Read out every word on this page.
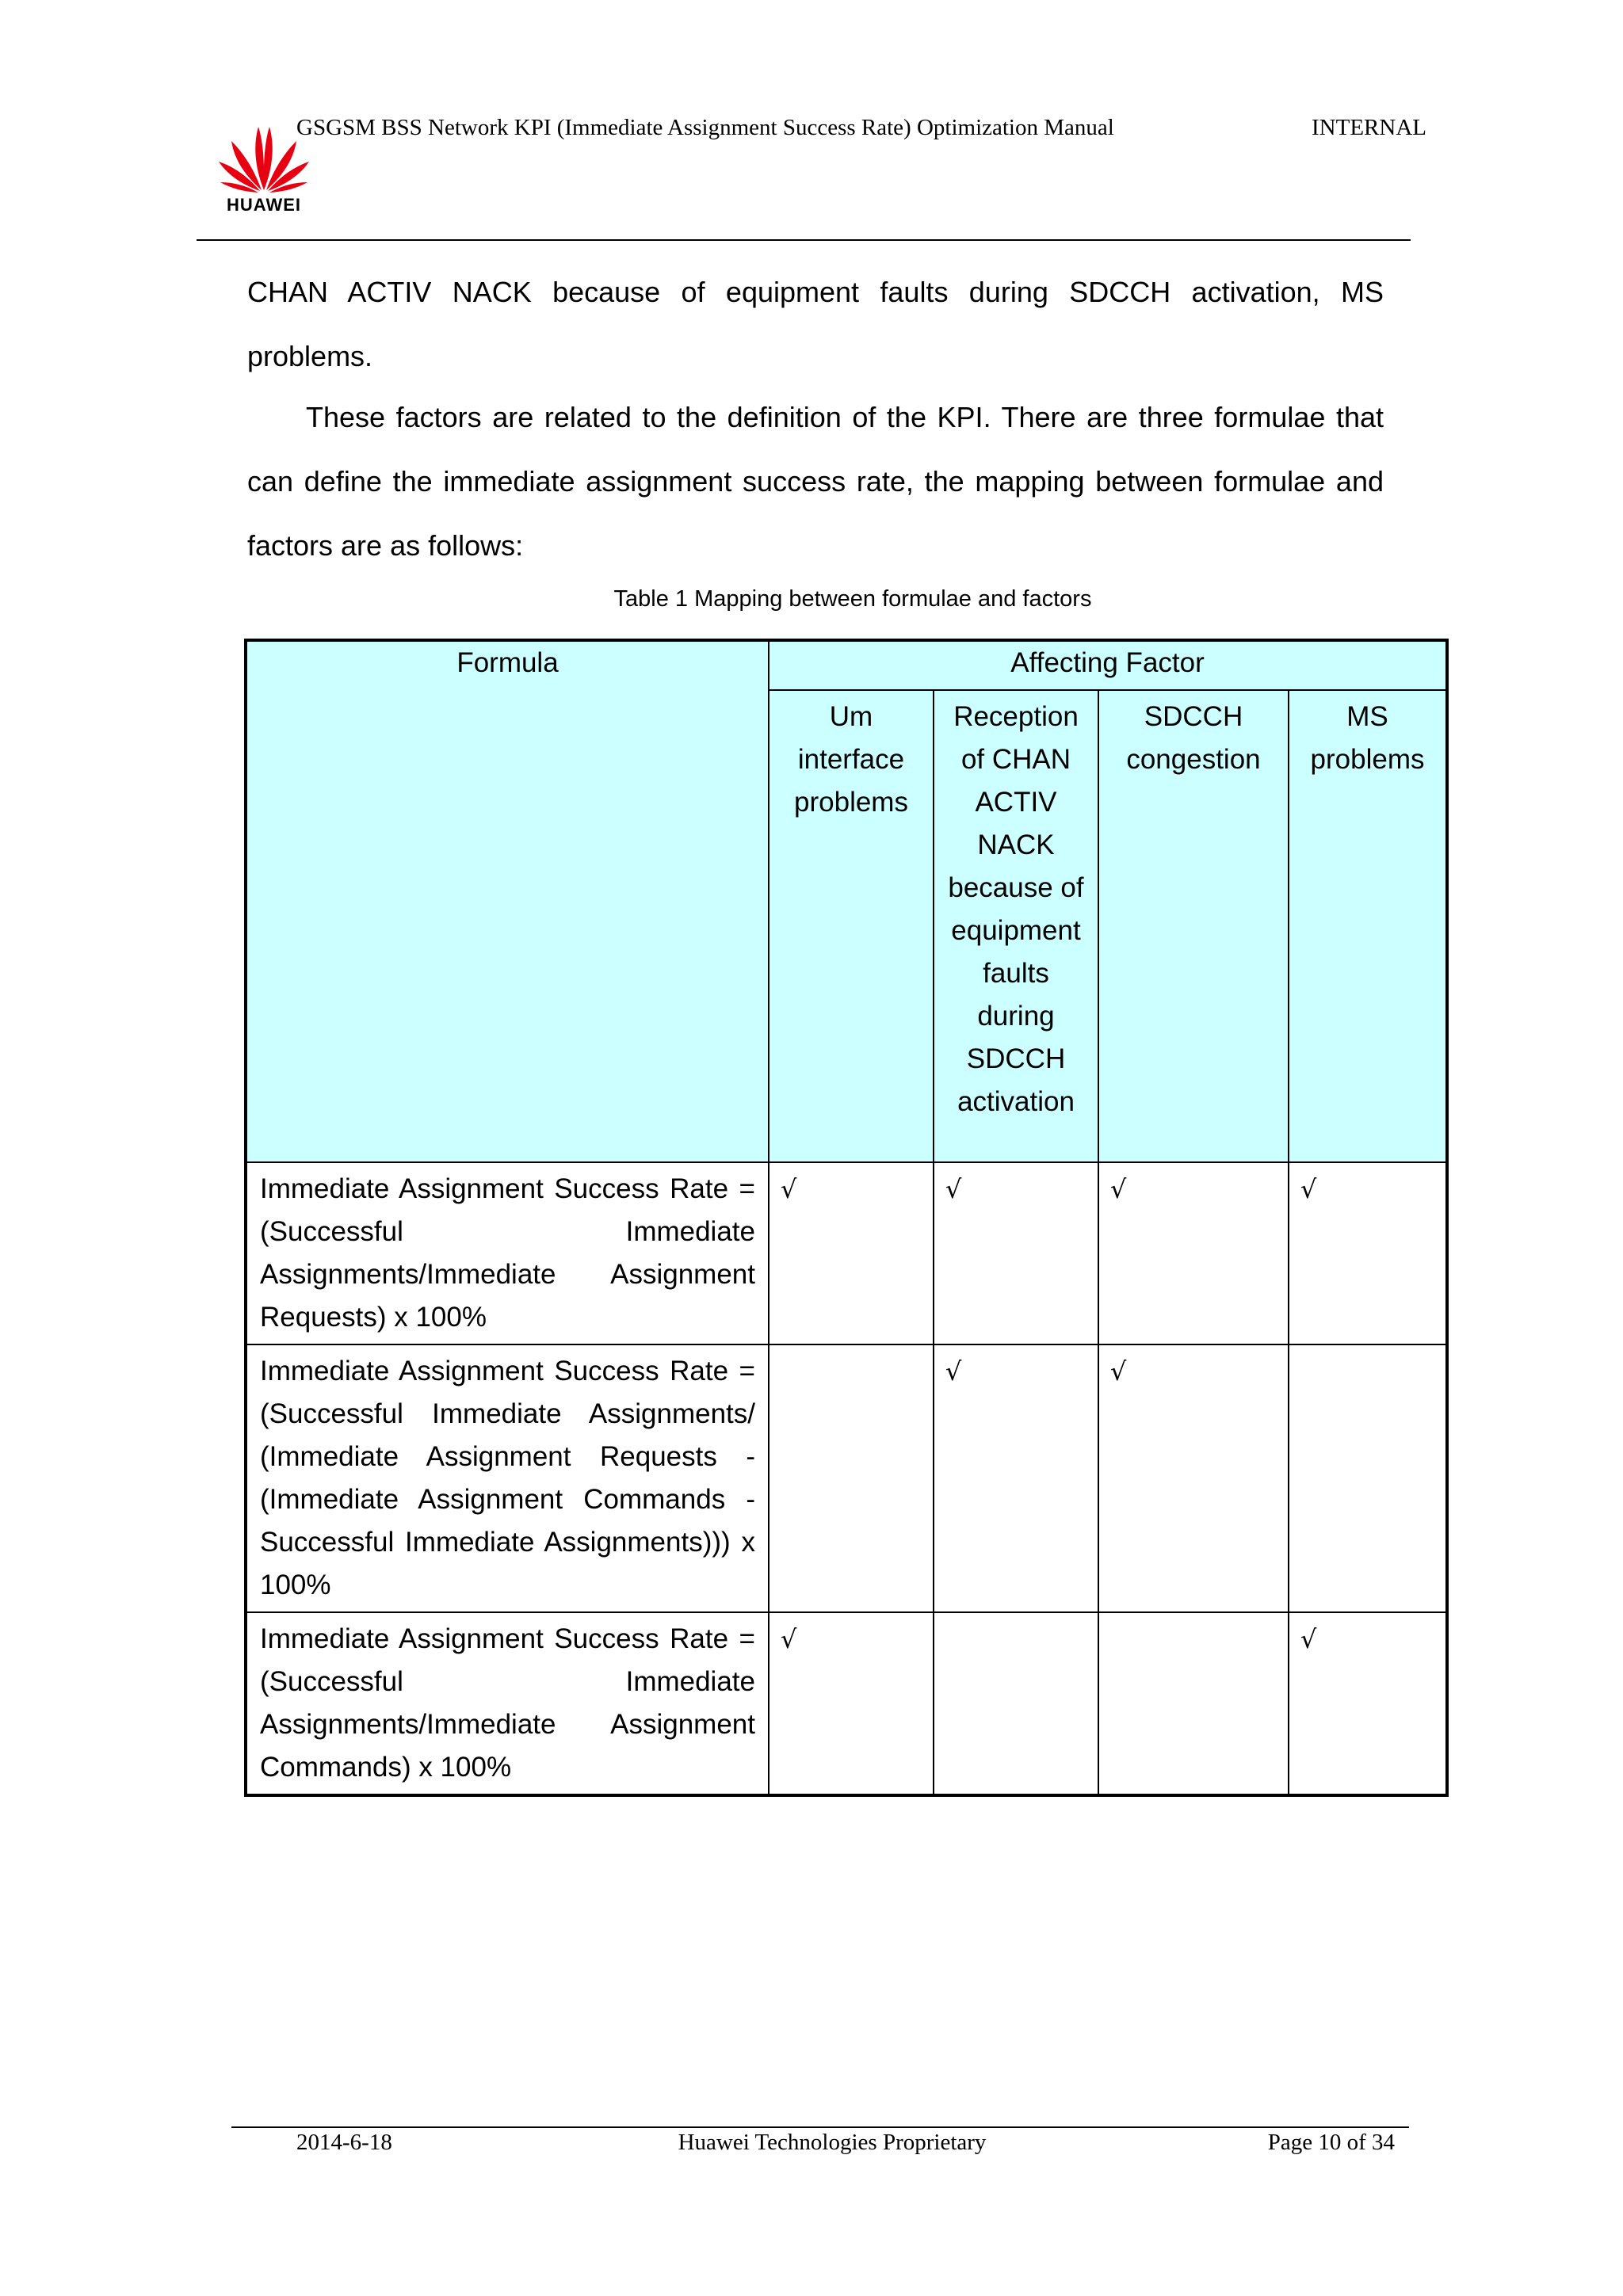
HUAWEI
GSGSM BSS Network KPI (Immediate Assignment Success Rate) Optimization Manual	INTERNAL
CHAN ACTIV NACK because of equipment faults during SDCCH activation, MS problems.
These factors are related to the definition of the KPI. There are three formulae that can define the immediate assignment success rate, the mapping between formulae and factors are as follows:
Table 1 Mapping between formulae and factors
Formula	Affecting Factor			
	Um interface problems	Reception of CHAN ACTIV NACK because of equipment faults during SDCCH activation	SDCCH congestion	MS problems
Immediate Assignment Success Rate = (Successful Immediate Assignments/Immediate Assignment Requests) x 100%	√	√	√	√
Immediate Assignment Success Rate = (Successful Immediate Assignments/ (Immediate Assignment Requests - (Immediate Assignment Commands - Successful Immediate Assignments))) x 100%		√	√	
Immediate Assignment Success Rate = (Successful Immediate Assignments/Immediate Assignment Commands) x 100%	√			√
2014-6-18	Huawei Technologies Proprietary	Page 10 of 34
